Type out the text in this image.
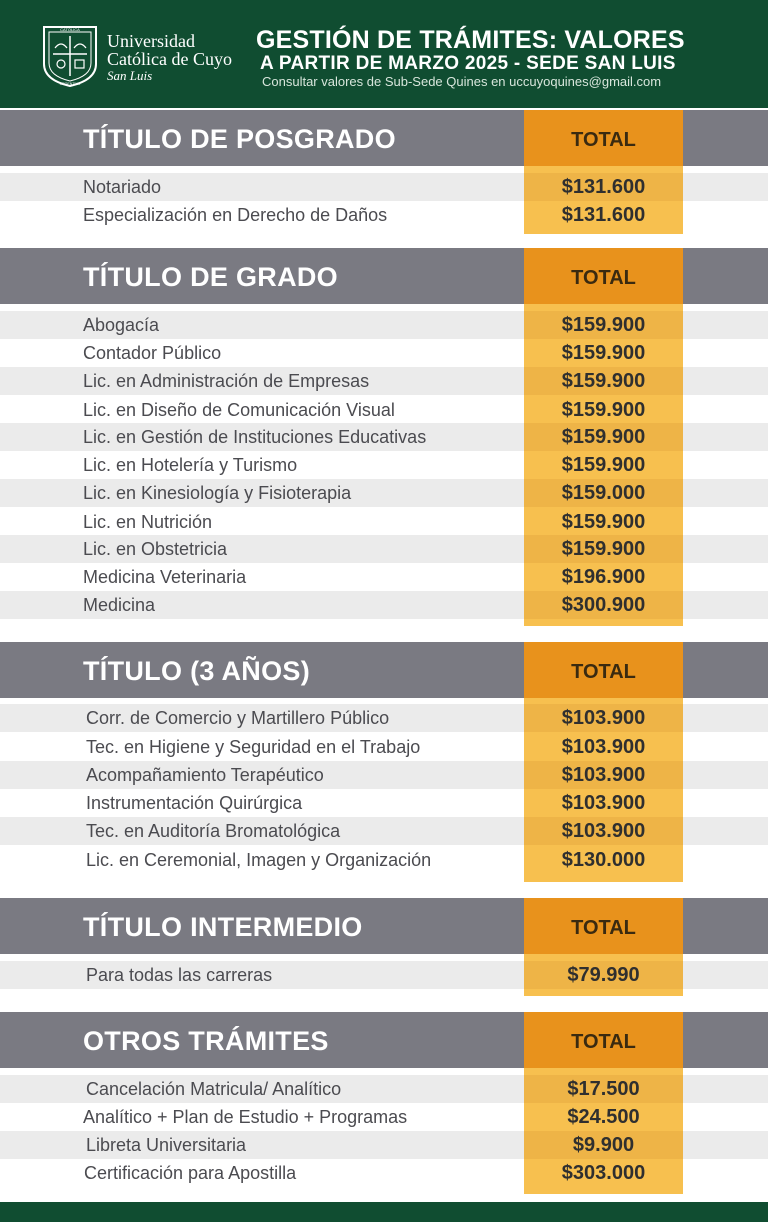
CATÓLICA
ARGENTINA
Universidad
Católica de Cuyo
San Luis
GESTIÓN DE TRÁMITES: VALORES
A PARTIR DE MARZO 2025 - SEDE SAN LUIS
Consultar valores de Sub-Sede Quines en uccuyoquines@gmail.com
TÍTULO DE POSGRADO	TOTAL
Notariado	$131.600
Especialización en Derecho de Daños	$131.600
TÍTULO DE GRADO	TOTAL
Abogacía	$159.900
Contador Público	$159.900
Lic. en Administración de Empresas	$159.900
Lic. en Diseño de Comunicación Visual	$159.900
Lic. en Gestión de Instituciones Educativas	$159.900
Lic. en Hotelería y Turismo	$159.900
Lic. en Kinesiología y Fisioterapia	$159.000
Lic. en Nutrición	$159.900
Lic. en Obstetricia	$159.900
Medicina Veterinaria	$196.900
Medicina	$300.900
TÍTULO (3 AÑOS)	TOTAL
Corr. de Comercio y Martillero Público	$103.900
Tec. en Higiene y Seguridad en el Trabajo	$103.900
Acompañamiento Terapéutico	$103.900
Instrumentación Quirúrgica	$103.900
Tec. en Auditoría Bromatológica	$103.900
Lic. en Ceremonial, Imagen y Organización	$130.000
TÍTULO INTERMEDIO	TOTAL
Para todas las carreras	$79.990
OTROS TRÁMITES	TOTAL
Cancelación Matricula/ Analítico	$17.500
Analítico + Plan de Estudio + Programas	$24.500
Libreta Universitaria	$9.900
Certificación para Apostilla	$303.000
